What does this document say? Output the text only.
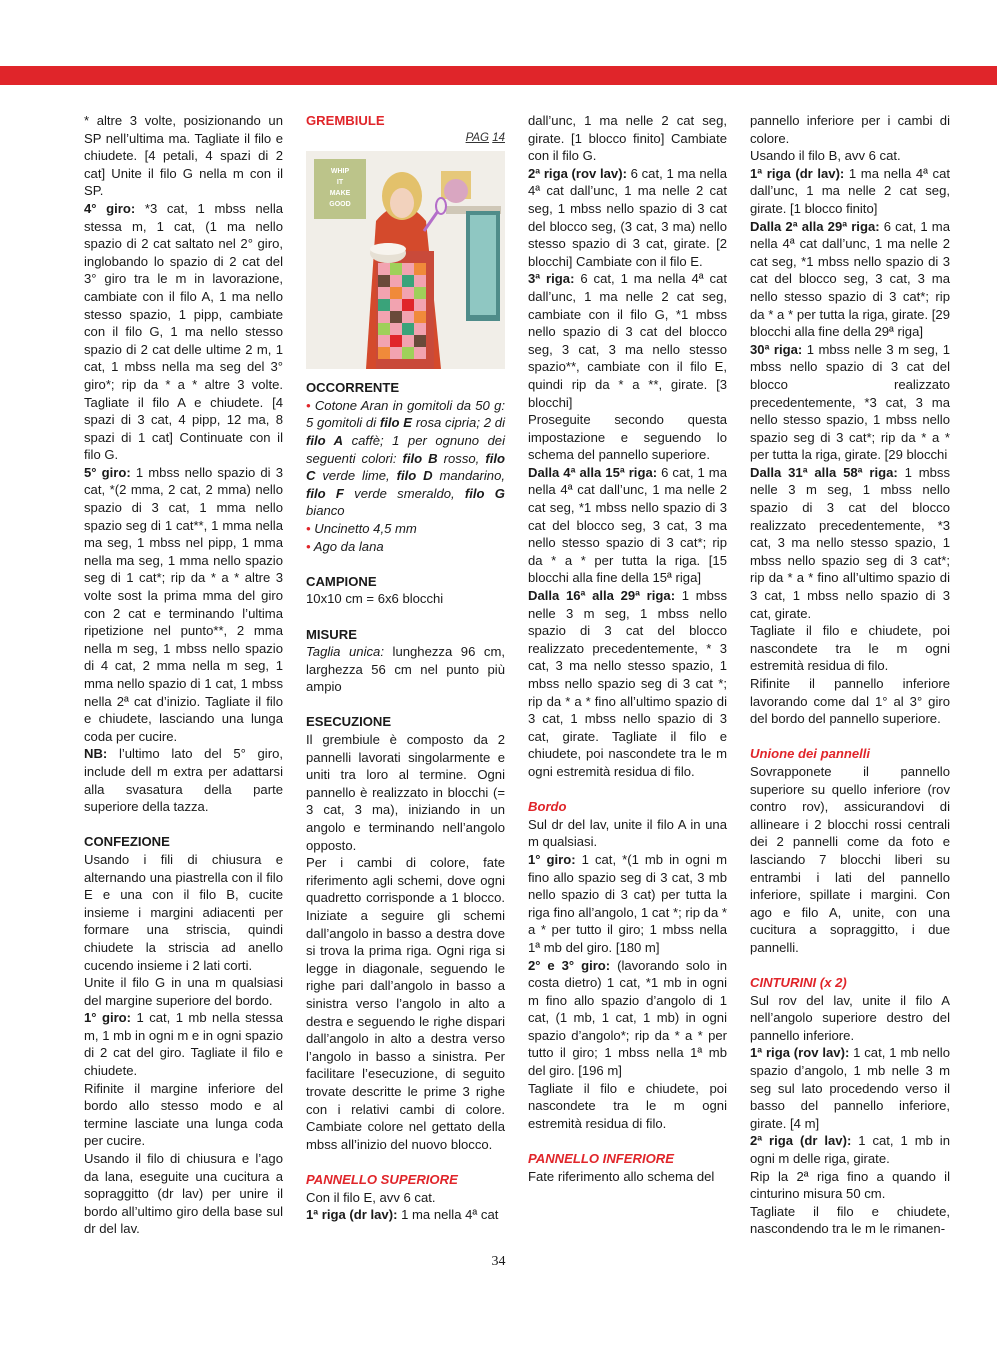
* altre 3 volte, posizionando un SP nell’ultima ma. Tagliate il filo e chiudete. [4 petali, 4 spazi di 2 cat] Unite il filo G nella m con il SP.

4° giro: *3 cat, 1 mbss nella stessa m, 1 cat, (1 ma nello spazio di 2 cat saltato nel 2° giro, inglobando lo spazio di 2 cat del 3° giro tra le m in lavorazione, cambiate con il filo A, 1 ma nello stesso spazio, 1 pipp, cambiate con il filo G, 1 ma nello stesso spazio di 2 cat delle ultime 2 m, 1 cat, 1 mbss nella ma seg del 3° giro*; rip da * a * altre 3 volte. Tagliate il filo A e chiudete. [4 spazi di 3 cat, 4 pipp, 12 ma, 8 spazi di 1 cat] Continuate con il filo G.

5° giro: 1 mbss nello spazio di 3 cat, *(2 mma, 2 cat, 2 mma) nello spazio di 3 cat, 1 mma nello spazio seg di 1 cat**, 1 mma nella ma seg, 1 mbss nel pipp, 1 mma nella ma seg, 1 mma nello spazio seg di 1 cat*; rip da * a * altre 3 volte sost la prima mma del giro con 2 cat e terminando l’ultima ripetizione nel punto**, 2 mma nella m seg, 1 mbss nello spazio di 4 cat, 2 mma nella m seg, 1 mma nello spazio di 1 cat, 1 mbss nella 2ª cat d’inizio. Tagliate il filo e chiudete, lasciando una lunga coda per cucire.

NB: l’ultimo lato del 5° giro, include dell m extra per adattarsi alla svasatura della parte superiore della tazza.

CONFEZIONE

Usando i fili di chiusura e alternando una piastrella con il filo E e una con il filo B, cucite insieme i margini adiacenti per formare una striscia, quindi chiudete la striscia ad anello cucendo insieme i 2 lati corti.

Unite il filo G in una m qualsiasi del margine superiore del bordo.

1° giro: 1 cat, 1 mb nella stessa m, 1 mb in ogni m e in ogni spazio di 2 cat del giro. Tagliate il filo e chiudete.

Rifinite il margine inferiore del bordo allo stesso modo e al termine lasciate una lunga coda per cucire.

Usando il filo di chiusura e l’ago da lana, eseguite una cucitura a sopraggitto (dr lav) per unire il bordo all’ultimo giro della base sul dr del lav.

GREMBIULE

PAG 14

WHIP
IT
MAKE
GOOD

OCCORRENTE

• Cotone Aran in gomitoli da 50 g: 5 gomitoli di filo E rosa cipria; 2 di filo A caffè; 1 per ognuno dei seguenti colori: filo B rosso, filo C verde lime, filo D mandarino, filo F verde smeraldo, filo G bianco

• Uncinetto 4,5 mm

• Ago da lana

CAMPIONE

10x10 cm = 6x6 blocchi

MISURE

Taglia unica: lunghezza 96 cm, larghezza 56 cm nel punto più ampio

ESECUZIONE

Il grembiule è composto da 2 pannelli lavorati singolarmente e uniti tra loro al termine. Ogni pannello è realizzato in blocchi (= 3 cat, 3 ma), iniziando in un angolo e terminando nell’angolo opposto.

Per i cambi di colore, fate riferimento agli schemi, dove ogni quadretto corrisponde a 1 blocco. Iniziate a seguire gli schemi dall’angolo in basso a destra dove si trova la prima riga. Ogni riga si legge in diagonale, seguendo le righe pari dall’angolo in basso a sinistra verso l’angolo in alto a destra e seguendo le righe dispari dall’angolo in alto a destra verso l’angolo in basso a sinistra. Per facilitare l’esecuzione, di seguito trovate descritte le prime 3 righe con i relativi cambi di colore. Cambiate colore nel gettato della mbss all’inizio del nuovo blocco.

PANNELLO SUPERIORE

Con il filo E, avv 6 cat.

1ª riga (dr lav): 1 ma nella 4ª cat

dall’unc, 1 ma nelle 2 cat seg, girate. [1 blocco finito] Cambiate con il filo G.

2ª riga (rov lav): 6 cat, 1 ma nella 4ª cat dall’unc, 1 ma nelle 2 cat seg, 1 mbss nello spazio di 3 cat del blocco seg, (3 cat, 3 ma) nello stesso spazio di 3 cat, girate. [2 blocchi] Cambiate con il filo E.

3ª riga: 6 cat, 1 ma nella 4ª cat dall’unc, 1 ma nelle 2 cat seg, cambiate con il filo G, *1 mbss nello spazio di 3 cat del blocco seg, 3 cat, 3 ma nello stesso spazio**, cambiate con il filo E, quindi rip da * a **, girate. [3 blocchi]

Proseguite secondo questa impostazione e seguendo lo schema del pannello superiore.

Dalla 4ª alla 15ª riga: 6 cat, 1 ma nella 4ª cat dall’unc, 1 ma nelle 2 cat seg, *1 mbss nello spazio di 3 cat del blocco seg, 3 cat, 3 ma nello stesso spazio di 3 cat*; rip da * a * per tutta la riga. [15 blocchi alla fine della 15ª riga]

Dalla 16ª alla 29ª riga: 1 mbss nelle 3 m seg, 1 mbss nello spazio di 3 cat del blocco realizzato precedentemente, * 3 cat, 3 ma nello stesso spazio, 1 mbss nello spazio seg di 3 cat *; rip da * a * fino all’ultimo spazio di 3 cat, 1 mbss nello spazio di 3 cat, girate. Tagliate il filo e chiudete, poi nascondete tra le m ogni estremità residua di filo.

Bordo

Sul dr del lav, unite il filo A in una m qualsiasi.

1° giro: 1 cat, *(1 mb in ogni m fino allo spazio seg di 3 cat, 3 mb nello spazio di 3 cat) per tutta la riga fino all’angolo, 1 cat *; rip da * a * per tutto il giro; 1 mbss nella 1ª mb del giro. [180 m]

2° e 3° giro: (lavorando solo in costa dietro) 1 cat, *1 mb in ogni m fino allo spazio d’angolo di 1 cat, (1 mb, 1 cat, 1 mb) in ogni spazio d’angolo*; rip da * a * per tutto il giro; 1 mbss nella 1ª mb del giro. [196 m]

Tagliate il filo e chiudete, poi nascondete tra le m ogni estremità residua di filo.

PANNELLO INFERIORE

Fate riferimento allo schema del

pannello inferiore per i cambi di colore.

Usando il filo B, avv 6 cat.

1ª riga (dr lav): 1 ma nella 4ª cat dall’unc, 1 ma nelle 2 cat seg, girate. [1 blocco finito]

Dalla 2ª alla 29ª riga: 6 cat, 1 ma nella 4ª cat dall’unc, 1 ma nelle 2 cat seg, *1 mbss nello spazio di 3 cat del blocco seg, 3 cat, 3 ma nello stesso spazio di 3 cat*; rip da * a * per tutta la riga, girate. [29 blocchi alla fine della 29ª riga]

30ª riga: 1 mbss nelle 3 m seg, 1 mbss nello spazio di 3 cat del blocco realizzato precedentemente, *3 cat, 3 ma nello stesso spazio, 1 mbss nello spazio seg di 3 cat*; rip da * a * per tutta la riga, girate. [29 blocchi

Dalla 31ª alla 58ª riga: 1 mbss nelle 3 m seg, 1 mbss nello spazio di 3 cat del blocco realizzato precedentemente, *3 cat, 3 ma nello stesso spazio, 1 mbss nello spazio seg di 3 cat*; rip da * a * fino all’ultimo spazio di 3 cat, 1 mbss nello spazio di 3 cat, girate.

Tagliate il filo e chiudete, poi nascondete tra le m ogni estremità residua di filo.

Rifinite il pannello inferiore lavorando come dal 1° al 3° giro del bordo del pannello superiore.

Unione dei pannelli

Sovrapponete il pannello superiore su quello inferiore (rov contro rov), assicurandovi di allineare i 2 blocchi rossi centrali dei 2 pannelli come da foto e lasciando 7 blocchi liberi su entrambi i lati del pannello inferiore, spillate i margini. Con ago e filo A, unite, con una cucitura a sopraggitto, i due pannelli.

CINTURINI (x 2)

Sul rov del lav, unite il filo A nell’angolo superiore destro del pannello inferiore.

1ª riga (rov lav): 1 cat, 1 mb nello spazio d’angolo, 1 mb nelle 3 m seg sul lato procedendo verso il basso del pannello inferiore, girate. [4 m]

2ª riga (dr lav): 1 cat, 1 mb in ogni m delle riga, girate.

Rip la 2ª riga fino a quando il cinturino misura 50 cm.

Tagliate il filo e chiudete, nascondendo tra le m le rimanen-

34
